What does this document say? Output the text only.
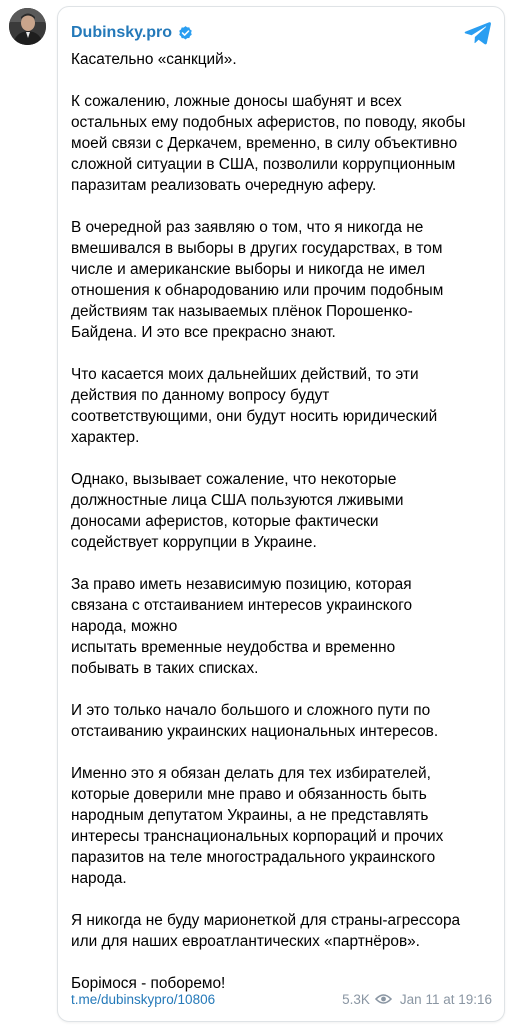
Dubinsky.pro

Касательно «санкций».

К сожалению, ложные доносы шабунят и всех
остальных ему подобных аферистов, по поводу, якобы
моей связи с Деркачем, временно, в силу объективно
сложной ситуации в США, позволили коррупционным
паразитам реализовать очередную аферу.

В очередной раз заявляю о том, что я никогда не
вмешивался в выборы в других государствах, в том
числе и американские выборы и никогда не имел
отношения к обнародованию или прочим подобным
действиям так называемых плёнок Порошенко-
Байдена. И это все прекрасно знают.

Что касается моих дальнейших действий, то эти
действия по данному вопросу будут
соответствующими, они будут носить юридический
характер.

Однако, вызывает сожаление, что некоторые
должностные лица США пользуются лживыми
доносами аферистов, которые фактически
содействует коррупции в Украине.

За право иметь независимую позицию, которая
связана с отстаиванием интересов украинского
народа, можно
испытать временные неудобства и временно
побывать в таких списках.

И это только начало большого и сложного пути по
отстаиванию украинских национальных интересов.

Именно это я обязан делать для тех избирателей,
которые доверили мне право и обязанность быть
народным депутатом Украины, а не представлять
интересы транснациональных корпораций и прочих
паразитов на теле многострадального украинского
народа.

Я никогда не буду марионеткой для страны-агрессора
или для наших евроатлантических «партнёров».

Борімося - поборемо!

t.me/dubinskypro/10806	5.3K Jan 11 at 19:16
